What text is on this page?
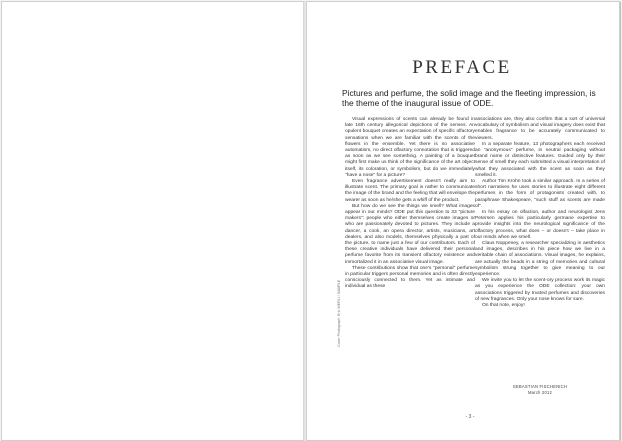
PREFACE
Pictures and perfume, the solid image and the fleeting impression, is the theme of the inaugural issue of ODE.

Visual expressions of scents can already be found in late 16th century allegorical depictions of the senses. An opulent bouquet creates an expectation of specific olfactory sensations when we are familiar with the scents of the flowers in the ensemble. Yet there is no associative automatism, no direct olfactory connotation that is triggered as soon as we see something. A painting of a bouquet might first make us think of the significance of the art object itself, its coloration, or symbolism, but do we immediately "have a nose" for a picture?

Even fragrance advertisement doesn't really aim to illustrate scent. The primary goal is rather to communicate the image of the brand and the feeling that will envelope the wearer as soon as he/she gets a whiff of the product.

But how do we see the things we smell? What images appear in our minds? ODE put this question to 33 "picture makers": people who either themselves create images or who are passionately devoted to pictures. They include a dancer, a cook, an opera director, artists, musicians, art dealers, and also models, themselves physically a part of the picture, to name just a few of our contributors. Each of these creative individuals have delivered their personal perfume favorite from its transient olfactory existence and immortalized it in an associative visual image.

These contributions show that one's "personal" perfume in particular triggers personal memories and is often directly consciously connected to them. Yet as intimate and individual as these

associations are, they also confirm that a sort of universal vocabulary of symbolism and visual imagery does exist that enables fragrance to be accurately communicated to viewers.

In a separate feature, 13 photographers each received an "anonymous" perfume, in neutral packaging without brand name or distinctive features. Guided only by their sense of smell they each submitted a visual interpretation of what they associated with the scent as soon as they smelled it.

Author Tim Krohn took a similar approach. In a series of short narratives he uses stories to illustrate eight different perfumes in the form of protagonists created with, to paraphrase Shakespeare, "such stuff as scents are made of".

In his essay on olfaction, author and neurologist Jens Petersen applies his particularly germane expertise to provide insights into the neurological significance of the olfactory process, what does – or doesn't – take place in our minds when we smell.

Claus Noppeney, a researcher specializing in aesthetics and images, describes in his piece how we live in a veritable chain of associations. Visual images, he explains, are actually the beads in a string of memories and cultural symbolism strung together to give meaning to our experience.

We invite you to let the scent-ory process work its magic as you experience the ODE collection: your own associations triggered by trusted perfumes and discoveries of new fragrances. Only your nose knows for sure.

On that note, enjoy!

SEBASTIAN FISCHENICH
March 2012
Cover Photograph: Eric WERLI / SAMPLE
- 3 -
